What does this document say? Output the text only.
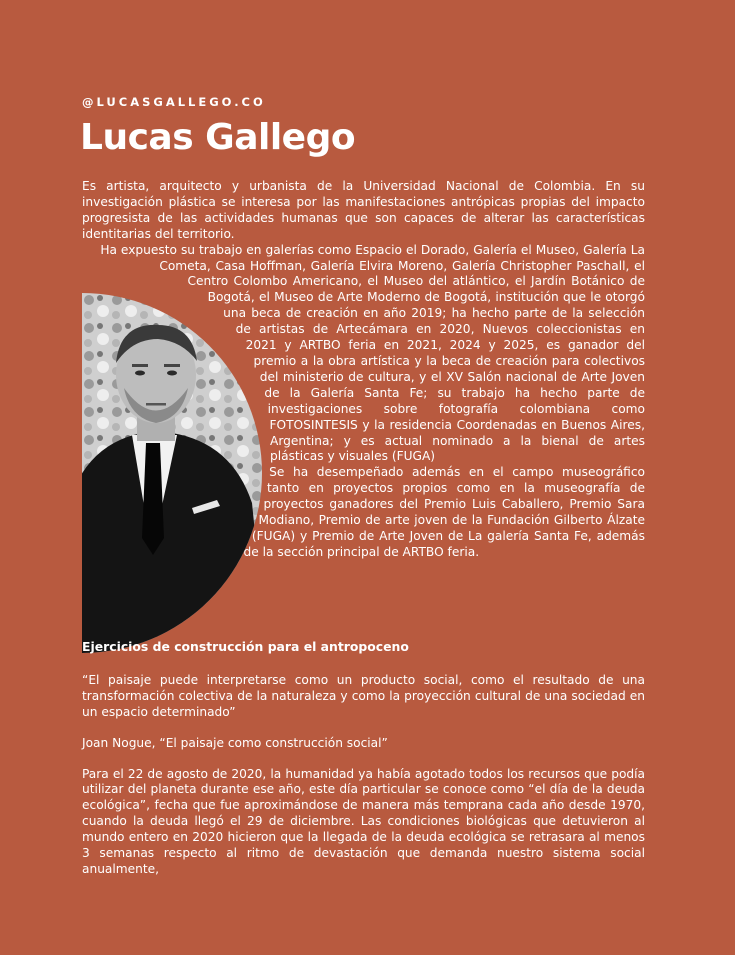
@LUCASGALLEGO.CO
Lucas Gallego

Es artista, arquitecto y urbanista de la Universidad Nacional de Colombia. En su investigación plástica se interesa por las manifestaciones antrópicas propias del impacto progresista de las actividades humanas que son capaces de alterar las características identitarias del territorio.

Ha expuesto su trabajo en galerías como Espacio el Dorado, Galería el Museo, Galería La Cometa, Casa Hoffman, Galería Elvira Moreno, Galería Christopher Paschall, el Centro Colombo Americano, el Museo del atlántico, el Jardín Botánico de Bogotá, el Museo de Arte Moderno de Bogotá, institución que le otorgó una beca de creación en año 2019; ha hecho parte de la selección de artistas de Artecámara en 2020, Nuevos coleccionistas en 2021 y ARTBO feria en 2021, 2024 y 2025, es ganador del premio a la obra artística y la beca de creación para colectivos del ministerio de cultura, y el XV Salón nacional de Arte Joven de la Galería Santa Fe; su trabajo ha hecho parte de investigaciones sobre fotografía colombiana como FOTOSINTESIS y la residencia Coordenadas en Buenos Aires, Argentina; y es actual nominado a la bienal de artes plásticas y visuales (FUGA)

Se ha desempeñado además en el campo museográfico tanto en proyectos propios como en la museografía de proyectos ganadores del Premio Luis Caballero, Premio Sara Modiano, Premio de arte joven de la Fundación Gilberto Álzate (FUGA) y Premio de Arte Joven de La galería Santa Fe, además de la sección principal de ARTBO feria.

Ejercicios de construcción para el antropoceno

“El paisaje puede interpretarse como un producto social, como el resultado de una transformación colectiva de la naturaleza y como la proyección cultural de una sociedad en un espacio determinado”

Joan Nogue, “El paisaje como construcción social”

Para el 22 de agosto de 2020, la humanidad ya había agotado todos los recursos que podía utilizar del planeta durante ese año, este día particular se conoce como “el día de la deuda ecológica”, fecha que fue aproximándose de manera más temprana cada año desde 1970, cuando la deuda llegó el 29 de diciembre. Las condiciones biológicas que detuvieron al mundo entero en 2020 hicieron que la llegada de la deuda ecológica se retrasara al menos 3 semanas respecto al ritmo de devastación que demanda nuestro sistema social anualmente,
